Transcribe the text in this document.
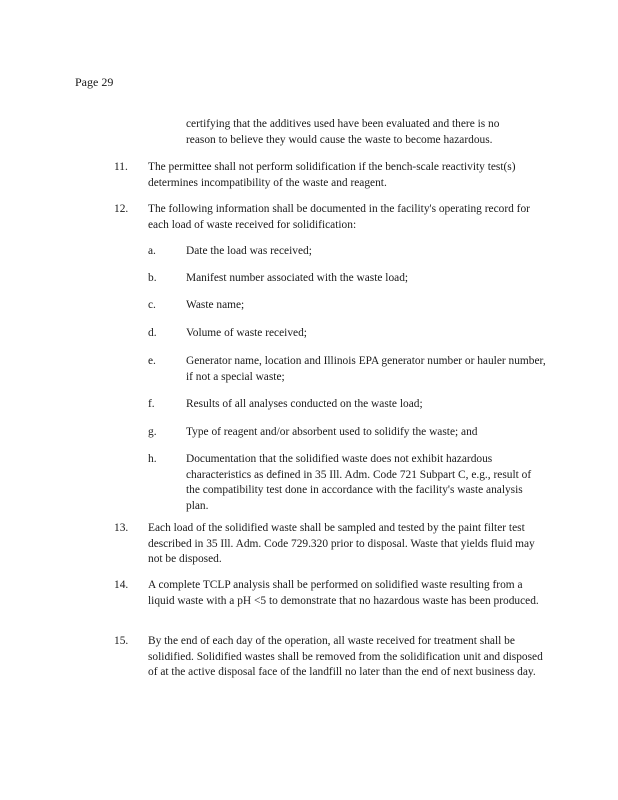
Page 29
certifying that the additives used have been evaluated and there is no reason to believe they would cause the waste to become hazardous.
11. The permittee shall not perform solidification if the bench-scale reactivity test(s) determines incompatibility of the waste and reagent.
12. The following information shall be documented in the facility's operating record for each load of waste received for solidification:
a.	Date the load was received;
b.	Manifest number associated with the waste load;
c.	Waste name;
d.	Volume of waste received;
e.	Generator name, location and Illinois EPA generator number or hauler number, if not a special waste;
f.	Results of all analyses conducted on the waste load;
g.	Type of reagent and/or absorbent used to solidify the waste; and
h.	Documentation that the solidified waste does not exhibit hazardous characteristics as defined in 35 Ill. Adm. Code 721 Subpart C, e.g., result of the compatibility test done in accordance with the facility's waste analysis plan.
13. Each load of the solidified waste shall be sampled and tested by the paint filter test described in 35 Ill. Adm. Code 729.320 prior to disposal. Waste that yields fluid may not be disposed.
14. A complete TCLP analysis shall be performed on solidified waste resulting from a liquid waste with a pH <5 to demonstrate that no hazardous waste has been produced.
15. By the end of each day of the operation, all waste received for treatment shall be solidified. Solidified wastes shall be removed from the solidification unit and disposed of at the active disposal face of the landfill no later than the end of next business day.
